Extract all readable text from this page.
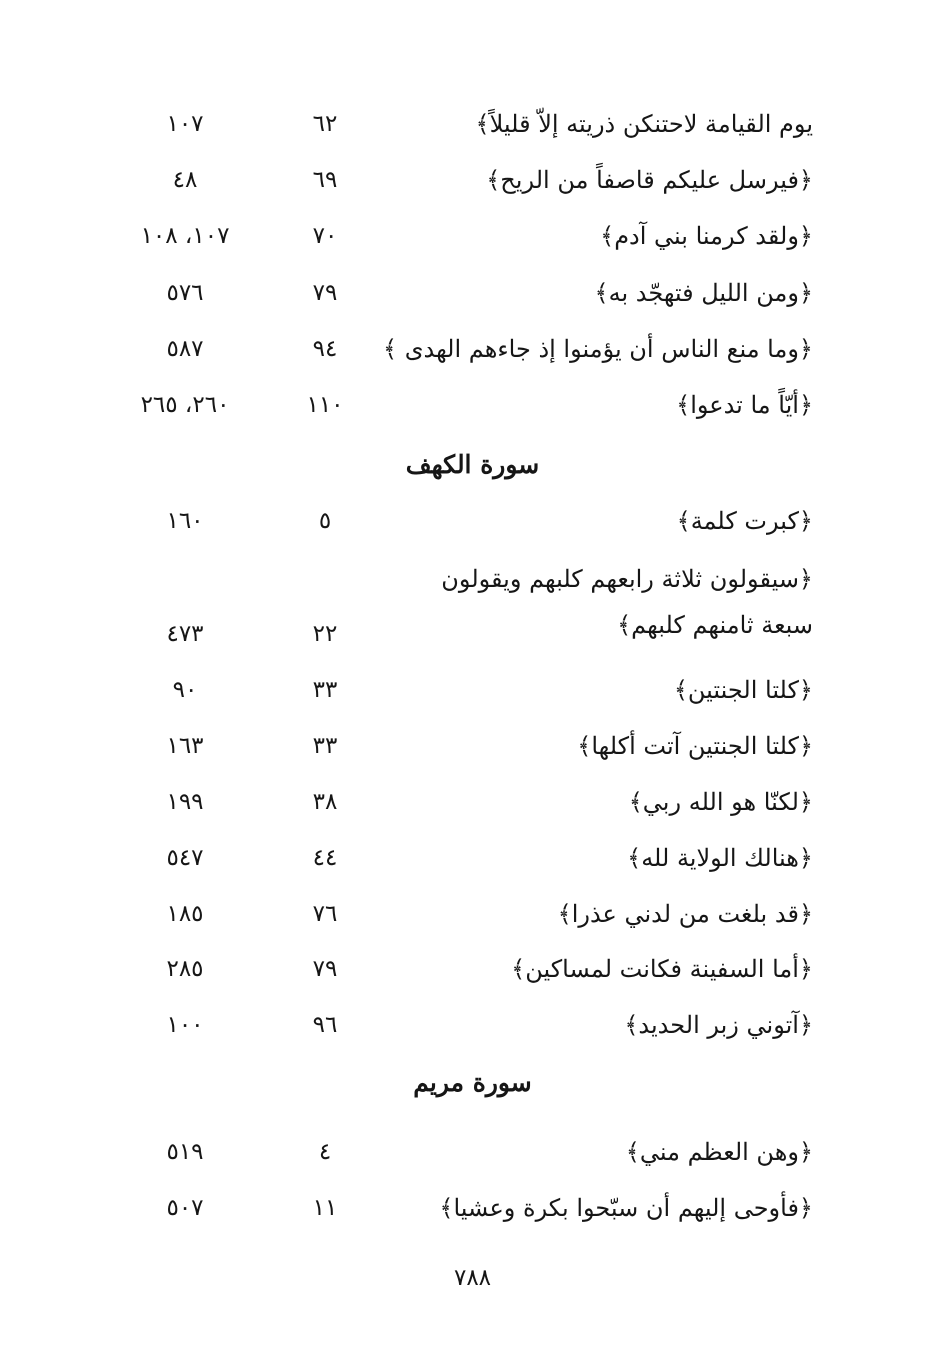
يوم القيامة لاحتنكن ذريته إلاّ قليلاً﴾
٦٢
١٠٧
﴿فيرسل عليكم قاصفاً من الريح﴾
٦٩
٤٨
﴿ولقد كرمنا بني آدم﴾
٧٠
١٠٧، ١٠٨
﴿ومن الليل فتهجّد به﴾
٧٩
٥٧٦
﴿وما منع الناس أن يؤمنوا إذ جاءهم الهدى ﴾
٩٤
٥٨٧
﴿أيّاً ما تدعوا﴾
١١٠
٢٦٠، ٢٦٥
سورة الكهف
﴿كبرت كلمة﴾
٥
١٦٠
﴿سيقولون ثلاثة رابعهم كلبهم ويقولون سبعة ثامنهم كلبهم﴾
٢٢
٤٧٣
﴿كلتا الجنتين﴾
٣٣
٩٠
﴿كلتا الجنتين آتت أكلها﴾
٣٣
١٦٣
﴿لكنّا هو الله ربي﴾
٣٨
١٩٩
﴿هنالك الولاية لله﴾
٤٤
٥٤٧
﴿قد بلغت من لدني عذرا﴾
٧٦
١٨٥
﴿أما السفينة فكانت لمساكين﴾
٧٩
٢٨٥
﴿آتوني زبر الحديد﴾
٩٦
١٠٠
سورة مريم
﴿وهن العظم مني﴾
٤
٥١٩
﴿فأوحى إليهم أن سبّحوا بكرة وعشيا﴾
١١
٥٠٧
٧٨٨
